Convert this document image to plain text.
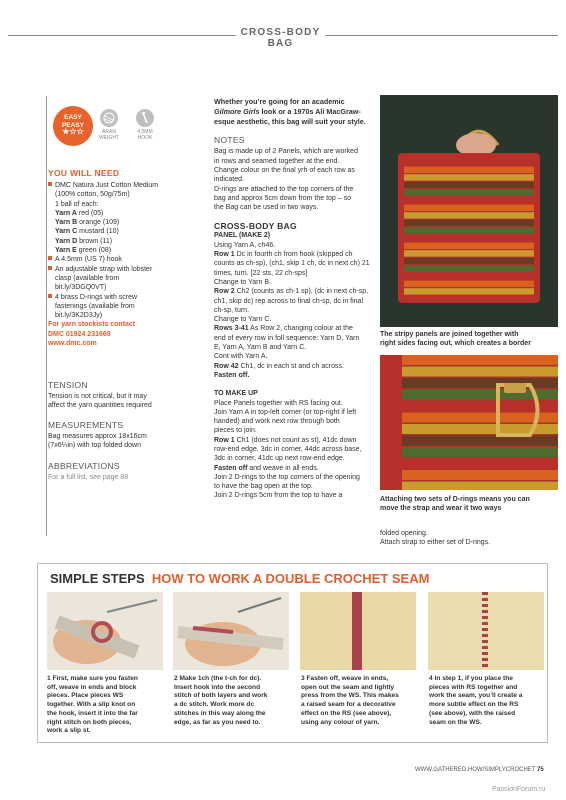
CROSS-BODY BAG
EASY PEASY
★☆☆	ARAN WEIGHT
4.5MM HOOK
YOU WILL NEED
DMC Natura Just Cotton Medium
(100% cotton, 50g/75m)
1 ball of each:
Yarn A red (05)
Yarn B orange (109)
Yarn C mustard (10)
Yarn D brown (11)
Yarn E green (08)
A 4.5mm (US 7) hook
An adjustable strap with lobster
clasp (available from
bit.ly/3DGQ0VT)
4 brass D-rings with screw
fastenings (available from
bit.ly/3K2D3Jy)
For yarn stockists contact
DMC 01924 231669
www.dmc.com
TENSION
Tension is not critical, but it may
affect the yarn quantities required
MEASUREMENTS
Bag measures approx 18x16cm
(7x6¼in) with top folded down
ABBREVIATIONS
For a full list, see page 88
Whether you’re going for an academic
Gilmore Girls look or a 1970s Ali MacGraw-
esque aesthetic, this bag will suit your style.
NOTES
Bag is made up of 2 Panels, which are worked
in rows and seamed together at the end.
Change colour on the final yrh of each row as
indicated.
D-rings are attached to the top corners of the
bag and approx 5cm down from the top – so
the Bag can be used in two ways.
CROSS-BODY BAG
PANEL (MAKE 2)
Using Yarn A, ch46.
Row 1 Dc in fourth ch from hook (skipped ch
counts as ch-sp), (ch1, skip 1 ch, dc in next ch) 21
times, turn. [22 sts, 22 ch-sps]
Change to Yarn B.
Row 2 Ch2 (counts as ch-1 sp), (dc in next ch-sp,
ch1, skip dc) rep across to final ch-sp, dc in final
ch-sp, turn.
Change to Yarn C.
Rows 3-41 As Row 2, changing colour at the
end of every row in foll sequence: Yarn D, Yarn
E, Yarn A, Yarn B and Yarn C.
Cont with Yarn A.
Row 42 Ch1, dc in each st and ch across.
Fasten off.
TO MAKE UP
Place Panels together with RS facing out.
Join Yarn A in top-left corner (or top-right if left
handed) and work next row through both
pieces to join.
Row 1 Ch1 (does not count as st), 41dc down
row-end edge, 3dc in corner, 44dc across base,
3dc in corner, 41dc up next row-end edge.
Fasten off and weave in all ends.
Join 2 D-rings to the top corners of the opening
to have the bag open at the top.
Join 2 D-rings 5cm from the top to have a
folded opening.
Attach strap to either set of D-rings.
The stripy panels are joined together with
right sides facing out, which creates a border
Attaching two sets of D-rings means you can
move the strap and wear it two ways
SIMPLE STEPS HOW TO WORK A DOUBLE CROCHET SEAM
1 First, make sure you fasten
off, weave in ends and block
pieces. Place pieces WS
together. With a slip knot on
the hook, insert it into the far
right stitch on both pieces,
work a slip st.
2 Make 1ch (the t-ch for dc).
Insert hook into the second
stitch of both layers and work
a dc stitch. Work more dc
stitches in this way along the
edge, as far as you need to.
3 Fasten off, weave in ends,
open out the seam and lightly
press from the WS. This makes
a raised seam for a decorative
effect on the RS (see above),
using any colour of yarn.
4 In step 1, if you place the
pieces with RS together and
work the seam, you’ll create a
more subtle effect on the RS
(see above), with the raised
seam on the WS.
WWW.GATHERED.HOW/SIMPLYCROCHET 75
PassionForum.ru
